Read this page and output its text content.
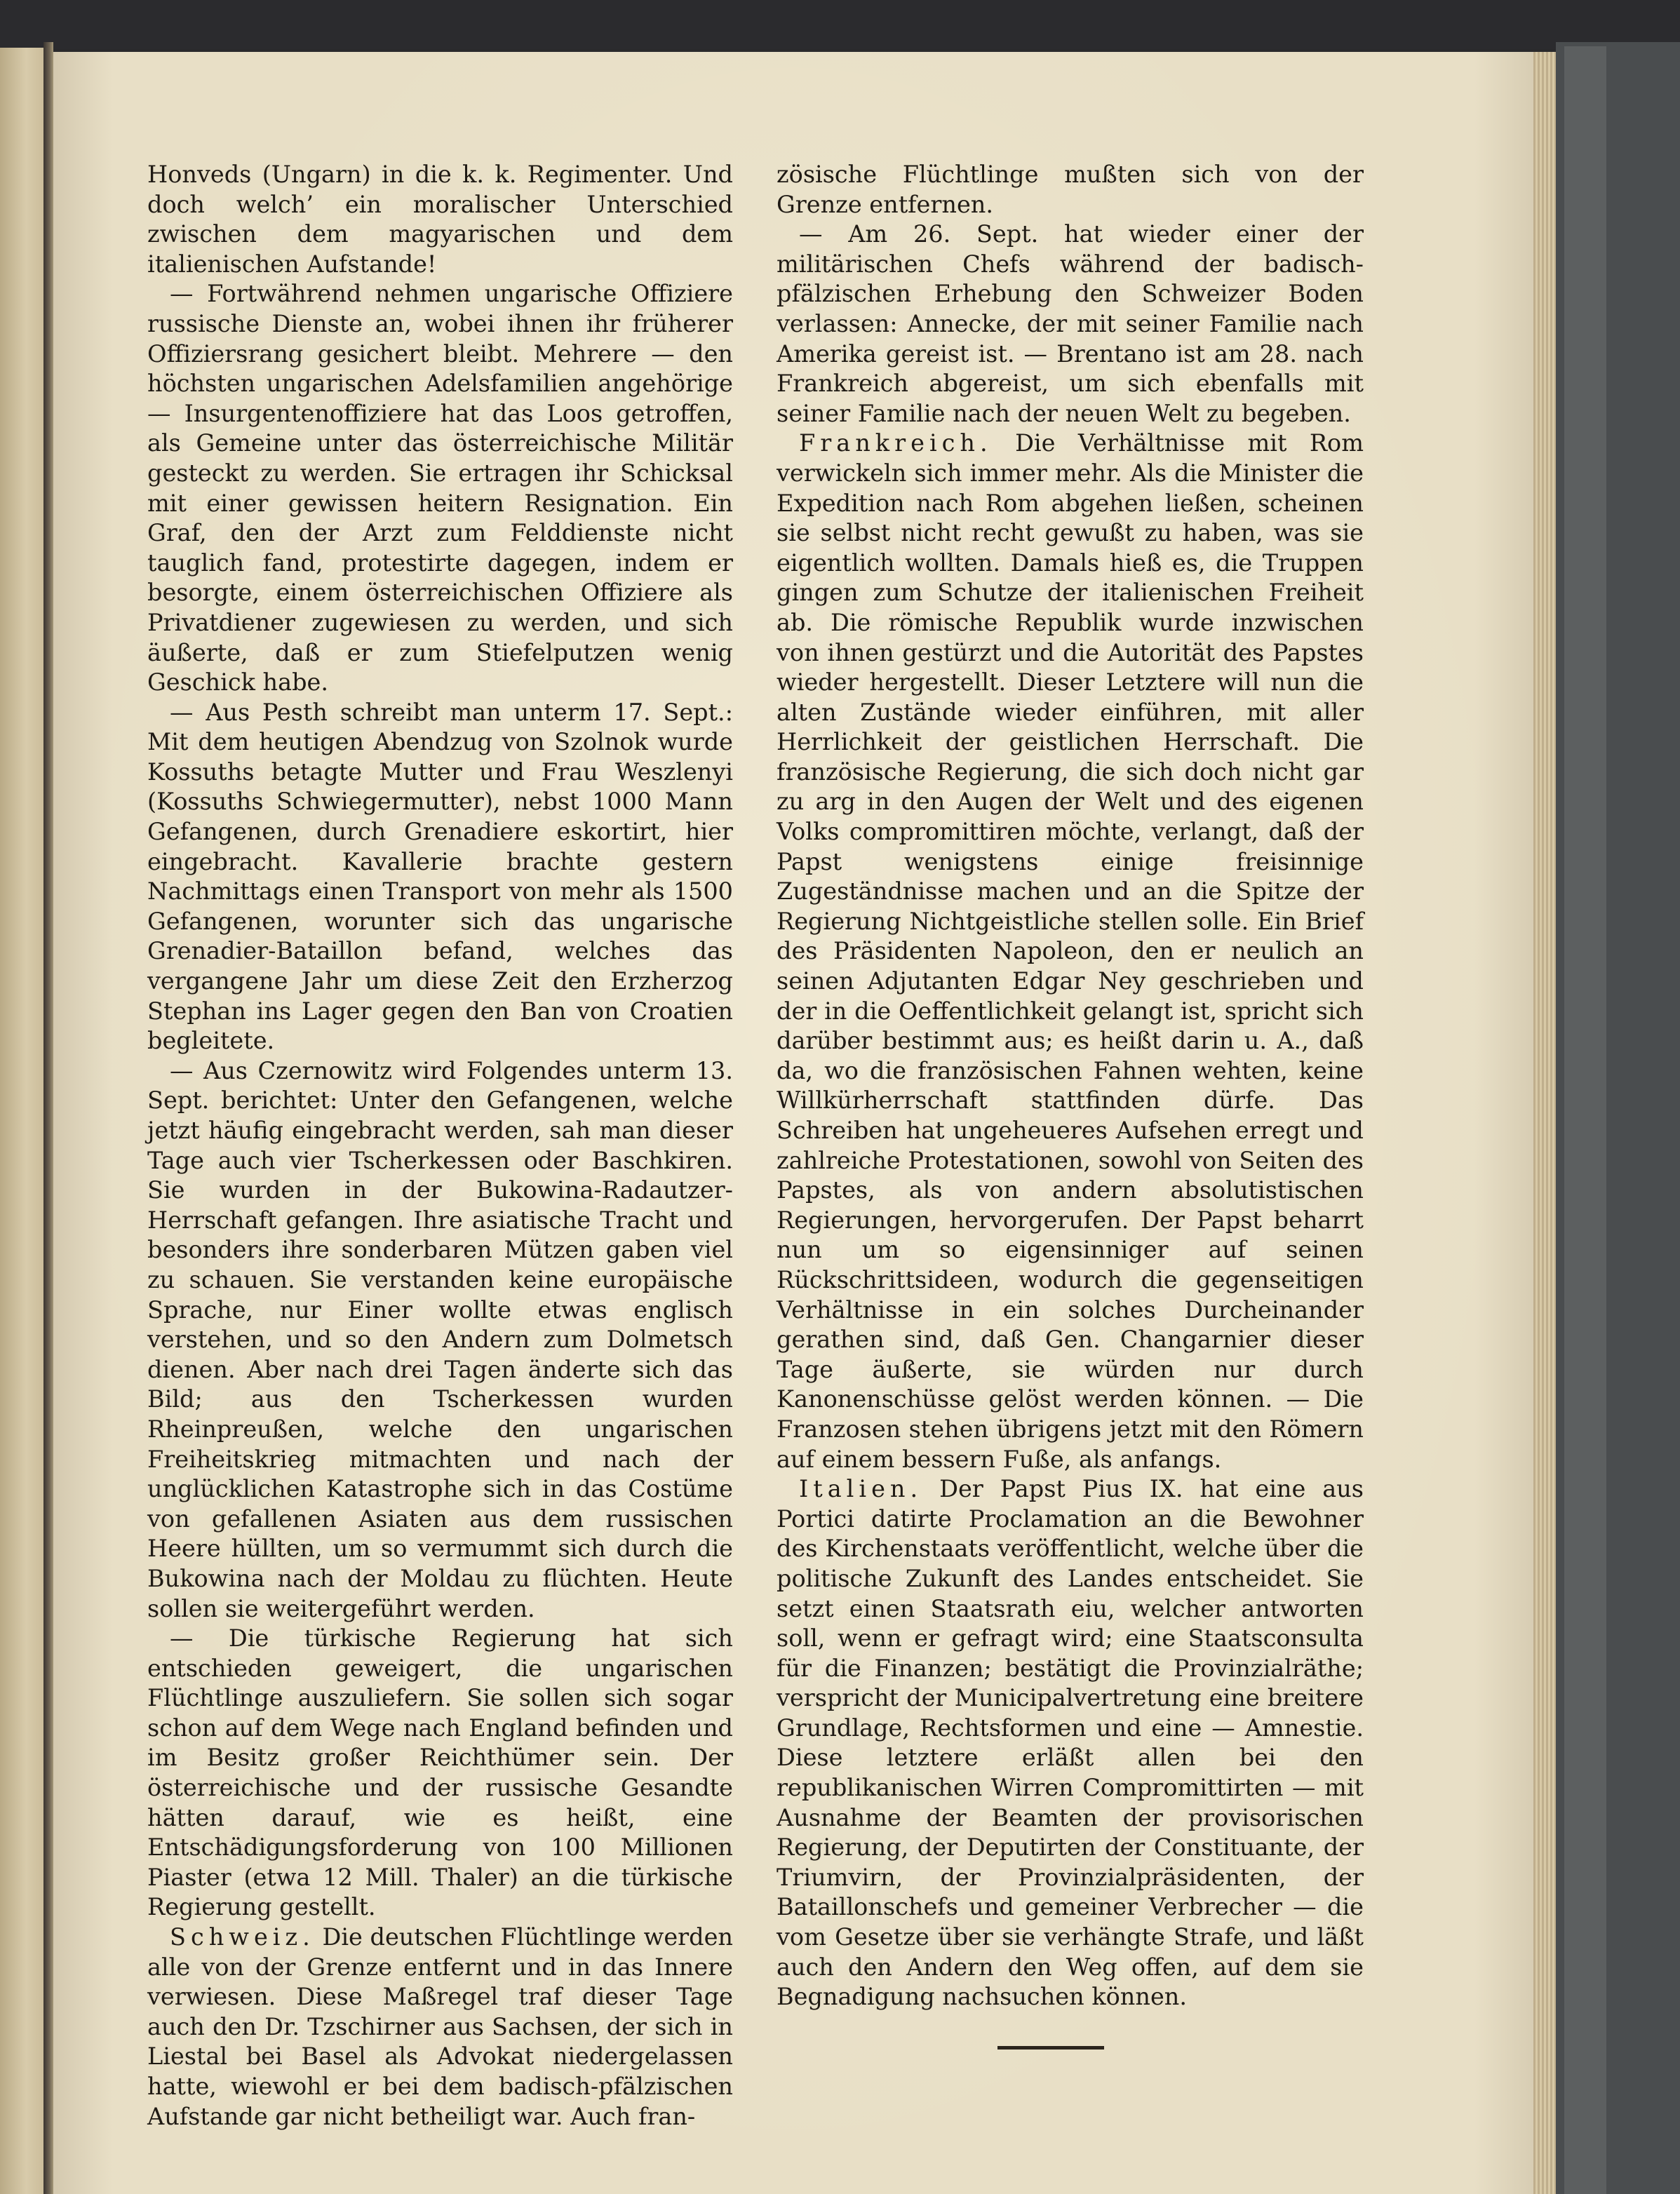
Honveds (Ungarn) in die k. k. Regimenter. Und doch welch’ ein moralischer Unterschied zwischen dem magyarischen und dem italienischen Aufstande!

— Fortwährend nehmen ungarische Offiziere russische Dienste an, wobei ihnen ihr früherer Offiziersrang gesichert bleibt. Mehrere — den höchsten ungarischen Adelsfamilien angehörige — Insurgentenoffiziere hat das Loos getroffen, als Gemeine unter das österreichische Militär gesteckt zu werden. Sie ertragen ihr Schicksal mit einer gewissen heitern Resignation. Ein Graf, den der Arzt zum Felddienste nicht tauglich fand, protestirte dagegen, indem er besorgte, einem österreichischen Offiziere als Privatdiener zugewiesen zu werden, und sich äußerte, daß er zum Stiefelputzen wenig Geschick habe.

— Aus Pesth schreibt man unterm 17. Sept.: Mit dem heutigen Abendzug von Szolnok wurde Kossuths betagte Mutter und Frau Weszlenyi (Kossuths Schwiegermutter), nebst 1000 Mann Gefangenen, durch Grenadiere eskortirt, hier eingebracht. Kavallerie brachte gestern Nachmittags einen Transport von mehr als 1500 Gefangenen, worunter sich das ungarische Grenadier-Bataillon befand, welches das vergangene Jahr um diese Zeit den Erzherzog Stephan ins Lager gegen den Ban von Croatien begleitete.

— Aus Czernowitz wird Folgendes unterm 13. Sept. berichtet: Unter den Gefangenen, welche jetzt häufig eingebracht werden, sah man dieser Tage auch vier Tscherkessen oder Baschkiren. Sie wurden in der Bukowina-Radautzer-Herrschaft gefangen. Ihre asiatische Tracht und besonders ihre sonderbaren Mützen gaben viel zu schauen. Sie verstanden keine europäische Sprache, nur Einer wollte etwas englisch verstehen, und so den Andern zum Dolmetsch dienen. Aber nach drei Tagen änderte sich das Bild; aus den Tscherkessen wurden Rheinpreußen, welche den ungarischen Freiheitskrieg mitmachten und nach der unglücklichen Katastrophe sich in das Costüme von gefallenen Asiaten aus dem russischen Heere hüllten, um so vermummt sich durch die Bukowina nach der Moldau zu flüchten. Heute sollen sie weitergeführt werden.

— Die türkische Regierung hat sich entschieden geweigert, die ungarischen Flüchtlinge auszuliefern. Sie sollen sich sogar schon auf dem Wege nach England befinden und im Besitz großer Reichthümer sein. Der österreichische und der russische Gesandte hätten darauf, wie es heißt, eine Entschädigungsforderung von 100 Millionen Piaster (etwa 12 Mill. Thaler) an die türkische Regierung gestellt.

Schweiz. Die deutschen Flüchtlinge werden alle von der Grenze entfernt und in das Innere verwiesen. Diese Maßregel traf dieser Tage auch den Dr. Tzschirner aus Sachsen, der sich in Liestal bei Basel als Advokat niedergelassen hatte, wiewohl er bei dem badisch-pfälzischen Aufstande gar nicht betheiligt war. Auch fran-

zösische Flüchtlinge mußten sich von der Grenze entfernen.

— Am 26. Sept. hat wieder einer der militärischen Chefs während der badisch-pfälzischen Erhebung den Schweizer Boden verlassen: Annecke, der mit seiner Familie nach Amerika gereist ist. — Brentano ist am 28. nach Frankreich abgereist, um sich ebenfalls mit seiner Familie nach der neuen Welt zu begeben.

Frankreich. Die Verhältnisse mit Rom verwickeln sich immer mehr. Als die Minister die Expedition nach Rom abgehen ließen, scheinen sie selbst nicht recht gewußt zu haben, was sie eigentlich wollten. Damals hieß es, die Truppen gingen zum Schutze der italienischen Freiheit ab. Die römische Republik wurde inzwischen von ihnen gestürzt und die Autorität des Papstes wieder hergestellt. Dieser Letztere will nun die alten Zustände wieder einführen, mit aller Herrlichkeit der geistlichen Herrschaft. Die französische Regierung, die sich doch nicht gar zu arg in den Augen der Welt und des eigenen Volks compromittiren möchte, verlangt, daß der Papst wenigstens einige freisinnige Zugeständnisse machen und an die Spitze der Regierung Nichtgeistliche stellen solle. Ein Brief des Präsidenten Napoleon, den er neulich an seinen Adjutanten Edgar Ney geschrieben und der in die Oeffentlichkeit gelangt ist, spricht sich darüber bestimmt aus; es heißt darin u. A., daß da, wo die französischen Fahnen wehten, keine Willkürherrschaft stattfinden dürfe. Das Schreiben hat ungeheueres Aufsehen erregt und zahlreiche Protestationen, sowohl von Seiten des Papstes, als von andern absolutistischen Regierungen, hervorgerufen. Der Papst beharrt nun um so eigensinniger auf seinen Rückschrittsideen, wodurch die gegenseitigen Verhältnisse in ein solches Durcheinander gerathen sind, daß Gen. Changarnier dieser Tage äußerte, sie würden nur durch Kanonenschüsse gelöst werden können. — Die Franzosen stehen übrigens jetzt mit den Römern auf einem bessern Fuße, als anfangs.

Italien. Der Papst Pius IX. hat eine aus Portici datirte Proclamation an die Bewohner des Kirchenstaats veröffentlicht, welche über die politische Zukunft des Landes entscheidet. Sie setzt einen Staatsrath eiu, welcher antworten soll, wenn er gefragt wird; eine Staatsconsulta für die Finanzen; bestätigt die Provinzialräthe; verspricht der Municipalvertretung eine breitere Grundlage, Rechtsformen und eine — Amnestie. Diese letztere erläßt allen bei den republikanischen Wirren Compromittirten — mit Ausnahme der Beamten der provisorischen Regierung, der Deputirten der Constituante, der Triumvirn, der Provinzialpräsidenten, der Bataillonschefs und gemeiner Verbrecher — die vom Gesetze über sie verhängte Strafe, und läßt auch den Andern den Weg offen, auf dem sie Begnadigung nachsuchen können.
